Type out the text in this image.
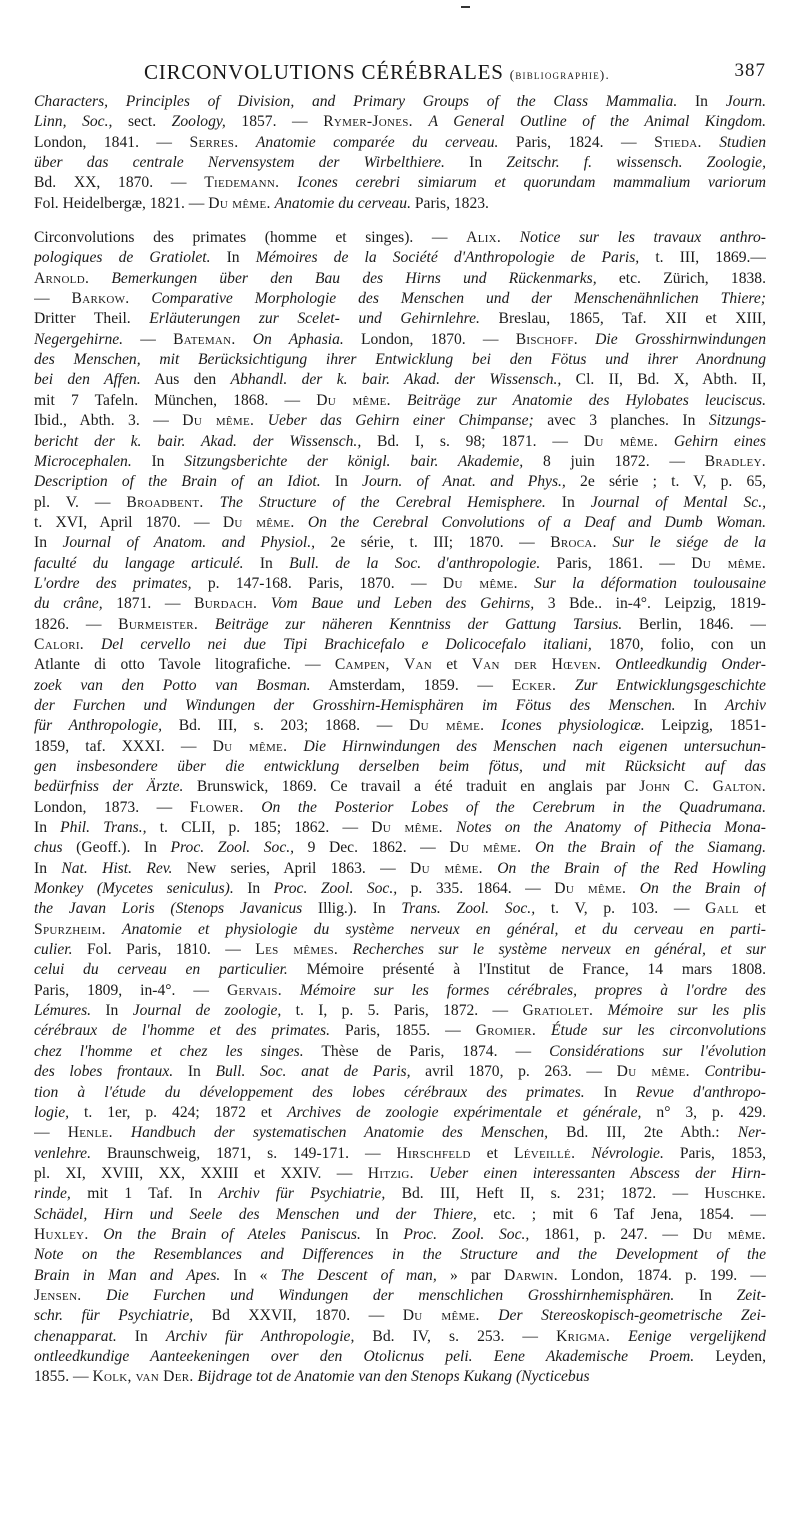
CIRCONVOLUTIONS CÉRÉBRALES (bibliographie).	387
Characters, Principles of Division, and Primary Groups of the Class Mammalia. In Journ.
Linn, Soc., sect. Zoology, 1857. — Rymer-Jones. A General Outline of the Animal Kingdom.
London, 1841. — Serres. Anatomie comparée du cerveau. Paris, 1824. — Stieda. Studien
über das centrale Nervensystem der Wirbelthiere. In Zeitschr. f. wissensch. Zoologie,
Bd. XX, 1870. — Tiedemann. Icones cerebri simiarum et quorundam mammalium variorum
Fol. Heidelbergæ, 1821. — Du même. Anatomie du cerveau. Paris, 1823.
Circonvolutions des primates (homme et singes). — Alix. Notice sur les travaux anthro-
pologiques de Gratiolet. In Mémoires de la Société d'Anthropologie de Paris, t. III, 1869.—
Arnold. Bemerkungen über den Bau des Hirns und Rückenmarks, etc. Zürich, 1838.
— Barkow. Comparative Morphologie des Menschen und der Menschenähnlichen Thiere;
Dritter Theil. Erläuterungen zur Scelet- und Gehirnlehre. Breslau, 1865, Taf. XII et XIII,
Negergehirne. — Bateman. On Aphasia. London, 1870. — Bischoff. Die Grosshirnwindungen
des Menschen, mit Berücksichtigung ihrer Entwicklung bei den Fötus und ihrer Anordnung
bei den Affen. Aus den Abhandl. der k. bair. Akad. der Wissensch., Cl. II, Bd. X, Abth. II,
mit 7 Tafeln. München, 1868. — Du même. Beiträge zur Anatomie des Hylobates leuciscus.
Ibid., Abth. 3. — Du même. Ueber das Gehirn einer Chimpanse; avec 3 planches. In Sitzungs-
bericht der k. bair. Akad. der Wissensch., Bd. I, s. 98; 1871. — Du même. Gehirn eines
Microcephalen. In Sitzungsberichte der königl. bair. Akademie, 8 juin 1872. — Bradley.
Description of the Brain of an Idiot. In Journ. of Anat. and Phys., 2e série ; t. V, p. 65,
pl. V. — Broadbent. The Structure of the Cerebral Hemisphere. In Journal of Mental Sc.,
t. XVI, April 1870. — Du même. On the Cerebral Convolutions of a Deaf and Dumb Woman.
In Journal of Anatom. and Physiol., 2e série, t. III; 1870. — Broca. Sur le siége de la
faculté du langage articulé. In Bull. de la Soc. d'anthropologie. Paris, 1861. — Du même.
L'ordre des primates, p. 147-168. Paris, 1870. — Du même. Sur la déformation toulousaine
du crâne, 1871. — Burdach. Vom Baue und Leben des Gehirns, 3 Bde.. in-4°. Leipzig, 1819-
1826. — Burmeister. Beiträge zur näheren Kenntniss der Gattung Tarsius. Berlin, 1846. —
Calori. Del cervello nei due Tipi Brachicefalo e Dolicocefalo italiani, 1870, folio, con un
Atlante di otto Tavole litografiche. — Campen, Van et Van der Hœven. Ontleedkundig Onder-
zoek van den Potto van Bosman. Amsterdam, 1859. — Ecker. Zur Entwicklungsgeschichte
der Furchen und Windungen der Grosshirn-Hemisphären im Fötus des Menschen. In Archiv
für Anthropologie, Bd. III, s. 203; 1868. — Du même. Icones physiologicæ. Leipzig, 1851-
1859, taf. XXXI. — Du même. Die Hirnwindungen des Menschen nach eigenen untersuchun-
gen insbesondere über die entwicklung derselben beim fötus, und mit Rücksicht auf das
bedürfniss der Ärzte. Brunswick, 1869. Ce travail a été traduit en anglais par John C. Galton.
London, 1873. — Flower. On the Posterior Lobes of the Cerebrum in the Quadrumana.
In Phil. Trans., t. CLII, p. 185; 1862. — Du même. Notes on the Anatomy of Pithecia Mona-
chus (Geoff.). In Proc. Zool. Soc., 9 Dec. 1862. — Du même. On the Brain of the Siamang.
In Nat. Hist. Rev. New series, April 1863. — Du même. On the Brain of the Red Howling
Monkey (Mycetes seniculus). In Proc. Zool. Soc., p. 335. 1864. — Du même. On the Brain of
the Javan Loris (Stenops Javanicus Illig.). In Trans. Zool. Soc., t. V, p. 103. — Gall et
Spurzheim. Anatomie et physiologie du système nerveux en général, et du cerveau en parti-
culier. Fol. Paris, 1810. — Les mêmes. Recherches sur le système nerveux en général, et sur
celui du cerveau en particulier. Mémoire présenté à l'Institut de France, 14 mars 1808.
Paris, 1809, in-4°. — Gervais. Mémoire sur les formes cérébrales, propres à l'ordre des
Lémures. In Journal de zoologie, t. I, p. 5. Paris, 1872. — Gratiolet. Mémoire sur les plis
cérébraux de l'homme et des primates. Paris, 1855. — Gromier. Étude sur les circonvolutions
chez l'homme et chez les singes. Thèse de Paris, 1874. — Considérations sur l'évolution
des lobes frontaux. In Bull. Soc. anat de Paris, avril 1870, p. 263. — Du même. Contribu-
tion à l'étude du développement des lobes cérébraux des primates. In Revue d'anthropo-
logie, t. 1er, p. 424; 1872 et Archives de zoologie expérimentale et générale, n° 3, p. 429.
— Henle. Handbuch der systematischen Anatomie des Menschen, Bd. III, 2te Abth.: Ner-
venlehre. Braunschweig, 1871, s. 149-171. — Hirschfeld et Léveillé. Névrologie. Paris, 1853,
pl. XI, XVIII, XX, XXIII et XXIV. — Hitzig. Ueber einen interessanten Abscess der Hirn-
rinde, mit 1 Taf. In Archiv für Psychiatrie, Bd. III, Heft II, s. 231; 1872. — Huschke.
Schädel, Hirn und Seele des Menschen und der Thiere, etc. ; mit 6 Taf Jena, 1854. —
Huxley. On the Brain of Ateles Paniscus. In Proc. Zool. Soc., 1861, p. 247. — Du même.
Note on the Resemblances and Differences in the Structure and the Development of the
Brain in Man and Apes. In « The Descent of man, » par Darwin. London, 1874. p. 199. —
Jensen. Die Furchen und Windungen der menschlichen Grosshirnhemisphären. In Zeit-
schr. für Psychiatrie, Bd XXVII, 1870. — Du même. Der Stereoskopisch-geometrische Zei-
chenapparat. In Archiv für Anthropologie, Bd. IV, s. 253. — Krigma. Eenige vergelijkend
ontleedkundige Aanteekeningen over den Otolicnus peli. Eene Akademische Proem. Leyden,
1855. — Kolk, van Der. Bijdrage tot de Anatomie van den Stenops Kukang (Nycticebus
